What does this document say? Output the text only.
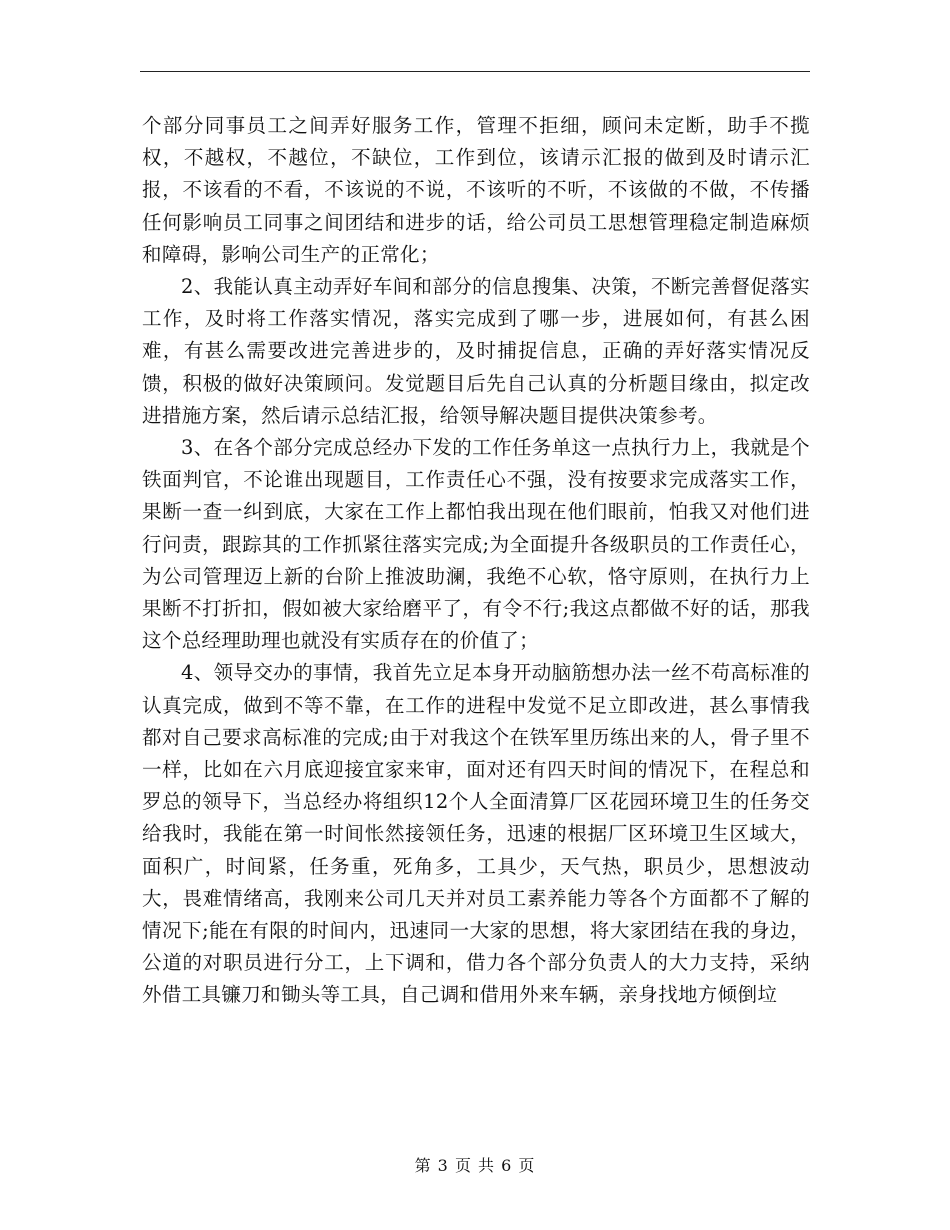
个部分同事员工之间弄好服务工作，管理不拒细，顾问未定断，助手不揽权，不越权，不越位，不缺位，工作到位，该请示汇报的做到及时请示汇报，不该看的不看，不该说的不说，不该听的不听，不该做的不做，不传播任何影响员工同事之间团结和进步的话，给公司员工思想管理稳定制造麻烦和障碍，影响公司生产的正常化；

2、我能认真主动弄好车间和部分的信息搜集、决策，不断完善督促落实工作，及时将工作落实情况，落实完成到了哪一步，进展如何，有甚么困难，有甚么需要改进完善进步的，及时捕捉信息，正确的弄好落实情况反馈，积极的做好决策顾问。发觉题目后先自己认真的分析题目缘由，拟定改进措施方案，然后请示总结汇报，给领导解决题目提供决策参考。

3、在各个部分完成总经办下发的工作任务单这一点执行力上，我就是个铁面判官，不论谁出现题目，工作责任心不强，没有按要求完成落实工作，果断一查一纠到底，大家在工作上都怕我出现在他们眼前，怕我又对他们进行问责，跟踪其的工作抓紧往落实完成;为全面提升各级职员的工作责任心，为公司管理迈上新的台阶上推波助澜，我绝不心软，恪守原则，在执行力上果断不打折扣，假如被大家给磨平了，有令不行;我这点都做不好的话，那我这个总经理助理也就没有实质存在的价值了；

4、领导交办的事情，我首先立足本身开动脑筋想办法一丝不苟高标准的认真完成，做到不等不靠，在工作的进程中发觉不足立即改进，甚么事情我都对自己要求高标准的完成;由于对我这个在铁军里历练出来的人，骨子里不一样，比如在六月底迎接宜家来审，面对还有四天时间的情况下，在程总和罗总的领导下，当总经办将组织12个人全面清算厂区花园环境卫生的任务交给我时，我能在第一时间怅然接领任务，迅速的根据厂区环境卫生区域大，面积广，时间紧，任务重，死角多，工具少，天气热，职员少，思想波动大，畏难情绪高，我刚来公司几天并对员工素养能力等各个方面都不了解的情况下;能在有限的时间内，迅速同一大家的思想，将大家团结在我的身边，公道的对职员进行分工，上下调和，借力各个部分负责人的大力支持，采纳外借工具镰刀和锄头等工具，自己调和借用外来车辆，亲身找地方倾倒垃

第 3 页 共 6 页
